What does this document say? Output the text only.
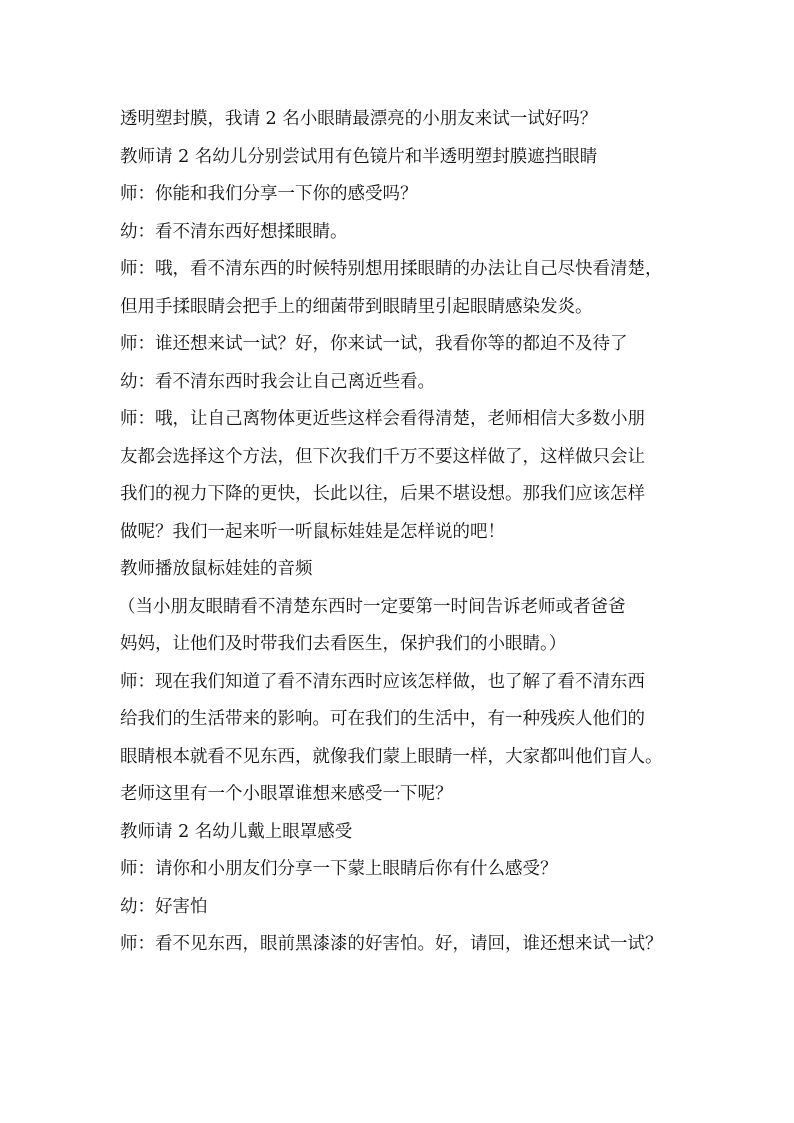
透明塑封膜，我请 2 名小眼睛最漂亮的小朋友来试一试好吗？
教师请 2 名幼儿分别尝试用有色镜片和半透明塑封膜遮挡眼睛
师：你能和我们分享一下你的感受吗？
幼：看不清东西好想揉眼睛。
师：哦，看不清东西的时候特别想用揉眼睛的办法让自己尽快看清楚，
但用手揉眼睛会把手上的细菌带到眼睛里引起眼睛感染发炎。
师：谁还想来试一试？好，你来试一试，我看你等的都迫不及待了
幼：看不清东西时我会让自己离近些看。
师：哦，让自己离物体更近些这样会看得清楚，老师相信大多数小朋
友都会选择这个方法，但下次我们千万不要这样做了，这样做只会让
我们的视力下降的更快，长此以往，后果不堪设想。那我们应该怎样
做呢？我们一起来听一听鼠标娃娃是怎样说的吧！
教师播放鼠标娃娃的音频
（当小朋友眼睛看不清楚东西时一定要第一时间告诉老师或者爸爸
妈妈，让他们及时带我们去看医生，保护我们的小眼睛。）
师：现在我们知道了看不清东西时应该怎样做，也了解了看不清东西
给我们的生活带来的影响。可在我们的生活中，有一种残疾人他们的
眼睛根本就看不见东西，就像我们蒙上眼睛一样，大家都叫他们盲人。
老师这里有一个小眼罩谁想来感受一下呢？
教师请 2 名幼儿戴上眼罩感受
师：请你和小朋友们分享一下蒙上眼睛后你有什么感受？
幼：好害怕
师：看不见东西，眼前黑漆漆的好害怕。好，请回，谁还想来试一试？
